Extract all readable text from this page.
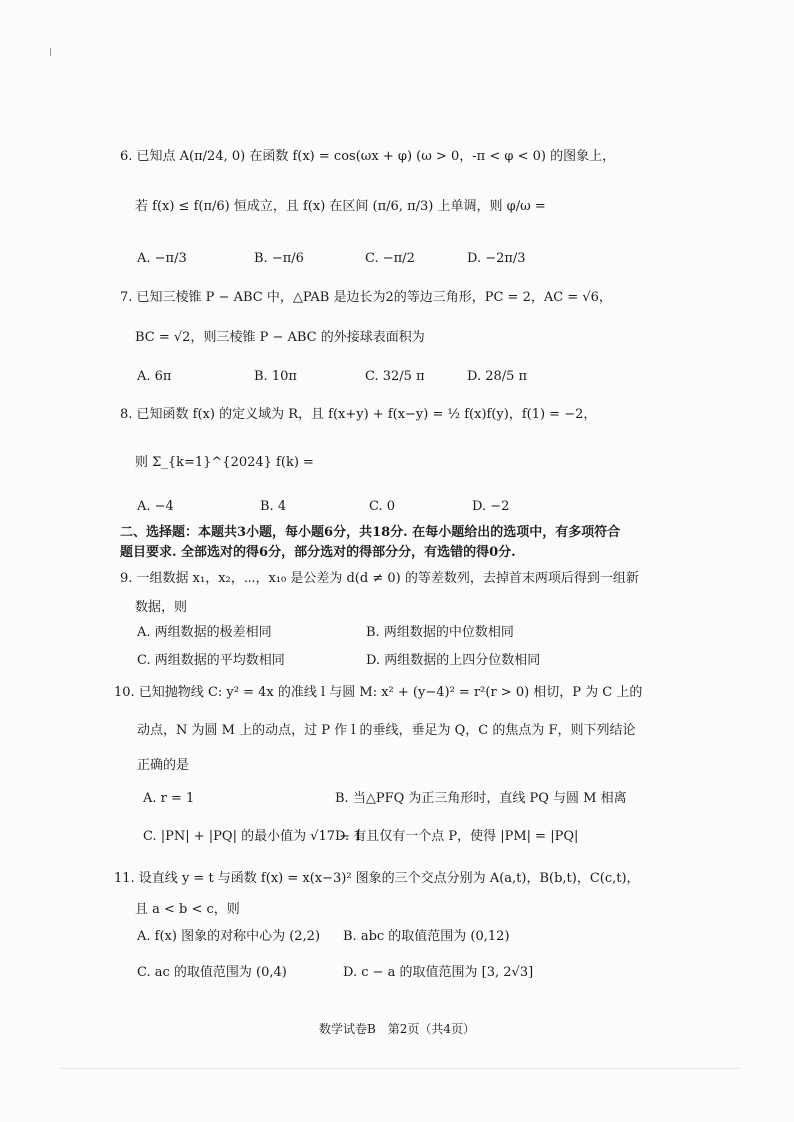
6. 已知点 A(π/24, 0) 在函数 f(x) = cos(ωx + φ) (ω > 0，-π < φ < 0) 的图象上，
若 f(x) ≤ f(π/6) 恒成立，且 f(x) 在区间 (π/6, π/3) 上单调，则 φ/ω =
A. −π/3	B. −π/6	C. −π/2	D. −2π/3
7. 已知三棱锥 P − ABC 中，△PAB 是边长为2的等边三角形，PC = 2，AC = √6，
BC = √2，则三棱锥 P − ABC 的外接球表面积为
A. 6π	B. 10π	C. 32/5 π	D. 28/5 π
8. 已知函数 f(x) 的定义域为 R，且 f(x+y) + f(x−y) = ½ f(x)f(y)，f(1) = −2，
则 Σ_{k=1}^{2024} f(k) =
A. −4	B. 4	C. 0	D. −2
二、选择题：本题共3小题，每小题6分，共18分. 在每小题给出的选项中，有多项符合
题目要求. 全部选对的得6分，部分选对的得部分分，有选错的得0分.
9. 一组数据 x₁，x₂，⋯，x₁₀ 是公差为 d(d ≠ 0) 的等差数列，去掉首末两项后得到一组新
数据，则
A. 两组数据的极差相同	B. 两组数据的中位数相同
C. 两组数据的平均数相同	D. 两组数据的上四分位数相同
10. 已知抛物线 C: y² = 4x 的准线 l 与圆 M: x² + (y−4)² = r²(r > 0) 相切，P 为 C 上的
动点，N 为圆 M 上的动点，过 P 作 l 的垂线，垂足为 Q，C 的焦点为 F，则下列结论
正确的是
A. r = 1	B. 当△PFQ 为正三角形时，直线 PQ 与圆 M 相离
C. |PN| + |PQ| 的最小值为 √17 − 1
D. 有且仅有一个点 P，使得 |PM| = |PQ|
11. 设直线 y = t 与函数 f(x) = x(x−3)² 图象的三个交点分别为 A(a,t)，B(b,t)，C(c,t)，
且 a < b < c，则
A. f(x) 图象的对称中心为 (2,2) B. abc 的取值范围为 (0,12)
C. ac 的取值范围为 (0,4)	D. c − a 的取值范围为 [3, 2√3]
数学试卷B　第2页（共4页）
